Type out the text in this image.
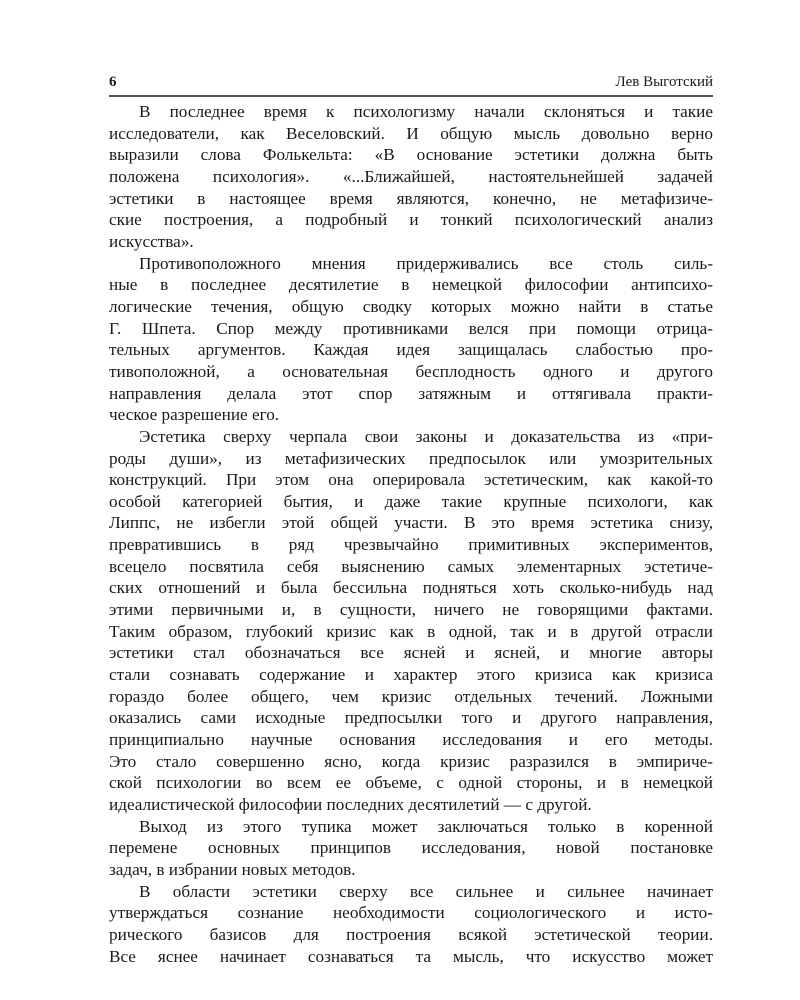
6	Лев Выготский
В последнее время к психологизму начали склоняться и такие
исследователи, как Веселовский. И общую мысль довольно верно
выразили слова Фолькельта: «В основание эстетики должна быть
положена психология». «...Ближайшей, настоятельнейшей задачей
эстетики в настоящее время являются, конечно, не метафизиче-
ские построения, а подробный и тонкий психологический анализ
искусства».
Противоположного мнения придерживались все столь силь-
ные в последнее десятилетие в немецкой философии антипсихо-
логические течения, общую сводку которых можно найти в статье
Г. Шпета. Спор между противниками велся при помощи отрица-
тельных аргументов. Каждая идея защищалась слабостью про-
тивоположной, а основательная бесплодность одного и другого
направления делала этот спор затяжным и оттягивала практи-
ческое разрешение его.
Эстетика сверху черпала свои законы и доказательства из «при-
роды души», из метафизических предпосылок или умозрительных
конструкций. При этом она оперировала эстетическим, как какой-то
особой категорией бытия, и даже такие крупные психологи, как
Липпс, не избегли этой общей участи. В это время эстетика снизу,
превратившись в ряд чрезвычайно примитивных экспериментов,
всецело посвятила себя выяснению самых элементарных эстетиче-
ских отношений и была бессильна подняться хоть сколько-нибудь над
этими первичными и, в сущности, ничего не говорящими фактами.
Таким образом, глубокий кризис как в одной, так и в другой отрасли
эстетики стал обозначаться все ясней и ясней, и многие авторы
стали сознавать содержание и характер этого кризиса как кризиса
гораздо более общего, чем кризис отдельных течений. Ложными
оказались сами исходные предпосылки того и другого направления,
принципиально научные основания исследования и его методы.
Это стало совершенно ясно, когда кризис разразился в эмпириче-
ской психологии во всем ее объеме, с одной стороны, и в немецкой
идеалистической философии последних десятилетий — с другой.
Выход из этого тупика может заключаться только в коренной
перемене основных принципов исследования, новой постановке
задач, в избрании новых методов.
В области эстетики сверху все сильнее и сильнее начинает
утверждаться сознание необходимости социологического и исто-
рического базисов для построения всякой эстетической теории.
Все яснее начинает сознаваться та мысль, что искусство может
